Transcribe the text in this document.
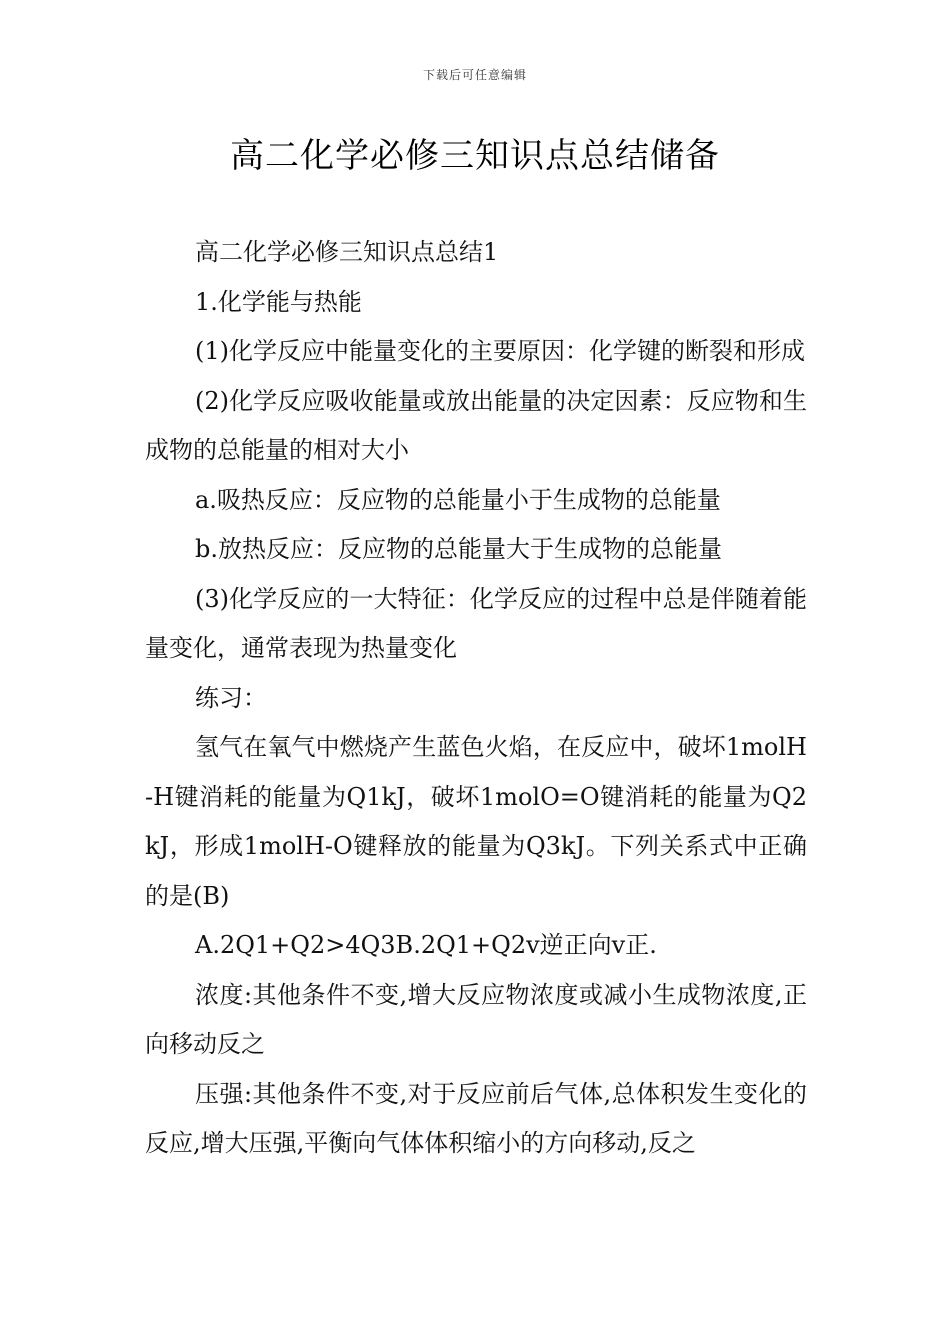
下载后可任意编辑
高二化学必修三知识点总结储备

高二化学必修三知识点总结1

1.化学能与热能

(1)化学反应中能量变化的主要原因：化学键的断裂和形成

(2)化学反应吸收能量或放出能量的决定因素：反应物和生成物的总能量的相对大小

a.吸热反应：反应物的总能量小于生成物的总能量

b.放热反应：反应物的总能量大于生成物的总能量

(3)化学反应的一大特征：化学反应的过程中总是伴随着能量变化，通常表现为热量变化

练习：

氢气在氧气中燃烧产生蓝色火焰，在反应中，破坏1molH-H键消耗的能量为Q1kJ，破坏1molO=O键消耗的能量为Q2kJ，形成1molH-O键释放的能量为Q3kJ。下列关系式中正确的是(B)

A.2Q1+Q2>4Q3B.2Q1+Q2v逆正向v正.

浓度:其他条件不变,增大反应物浓度或减小生成物浓度,正向移动反之

压强:其他条件不变,对于反应前后气体,总体积发生变化的反应,增大压强,平衡向气体体积缩小的方向移动,反之
